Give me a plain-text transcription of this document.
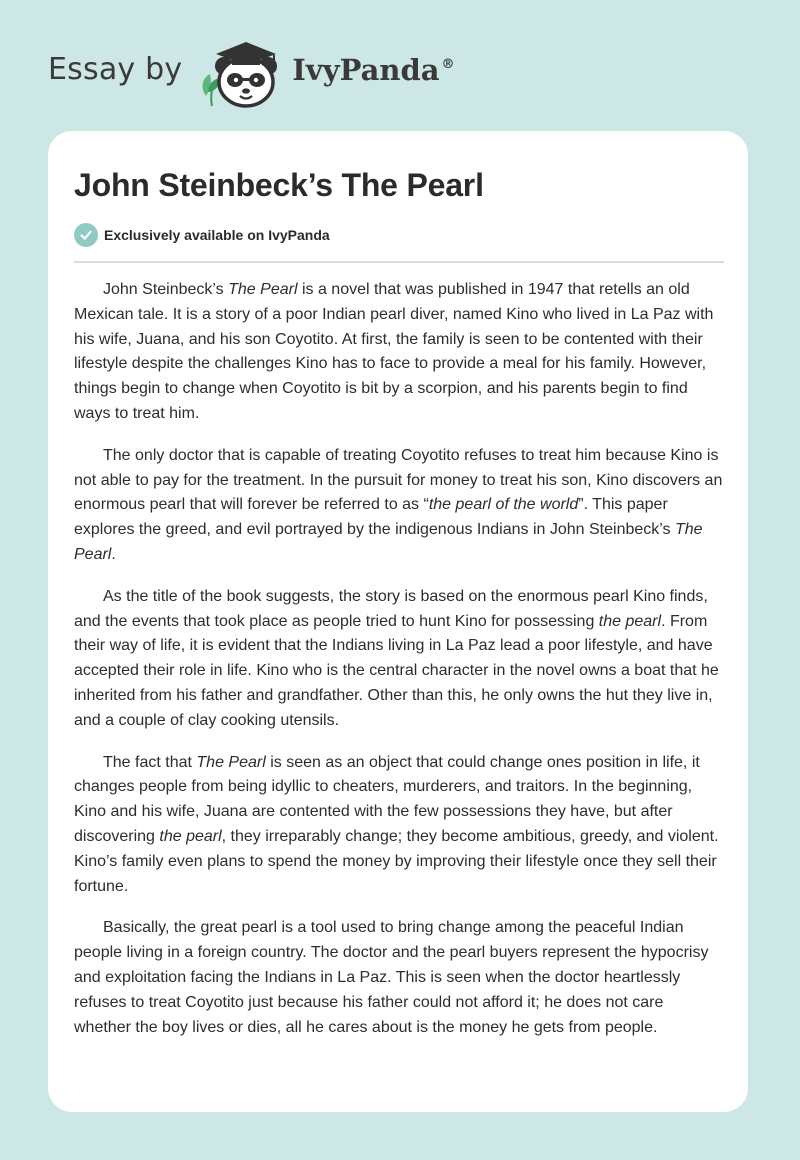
Essay by	IvyPanda ®
John Steinbeck’s The Pearl
Exclusively available on IvyPanda

John Steinbeck’s The Pearl is a novel that was published in 1947 that retells an old Mexican tale. It is a story of a poor Indian pearl diver, named Kino who lived in La Paz with his wife, Juana, and his son Coyotito. At first, the family is seen to be contented with their lifestyle despite the challenges Kino has to face to provide a meal for his family. However, things begin to change when Coyotito is bit by a scorpion, and his parents begin to find ways to treat him.

The only doctor that is capable of treating Coyotito refuses to treat him because Kino is not able to pay for the treatment. In the pursuit for money to treat his son, Kino discovers an enormous pearl that will forever be referred to as “the pearl of the world”. This paper explores the greed, and evil portrayed by the indigenous Indians in John Steinbeck’s The Pearl.

As the title of the book suggests, the story is based on the enormous pearl Kino finds, and the events that took place as people tried to hunt Kino for possessing the pearl. From their way of life, it is evident that the Indians living in La Paz lead a poor lifestyle, and have accepted their role in life. Kino who is the central character in the novel owns a boat that he inherited from his father and grandfather. Other than this, he only owns the hut they live in, and a couple of clay cooking utensils.

The fact that The Pearl is seen as an object that could change ones position in life, it changes people from being idyllic to cheaters, murderers, and traitors. In the beginning, Kino and his wife, Juana are contented with the few possessions they have, but after discovering the pearl, they irreparably change; they become ambitious, greedy, and violent. Kino’s family even plans to spend the money by improving their lifestyle once they sell their fortune.

Basically, the great pearl is a tool used to bring change among the peaceful Indian people living in a foreign country. The doctor and the pearl buyers represent the hypocrisy and exploitation facing the Indians in La Paz. This is seen when the doctor heartlessly refuses to treat Coyotito just because his father could not afford it; he does not care whether the boy lives or dies, all he cares about is the money he gets from people.
